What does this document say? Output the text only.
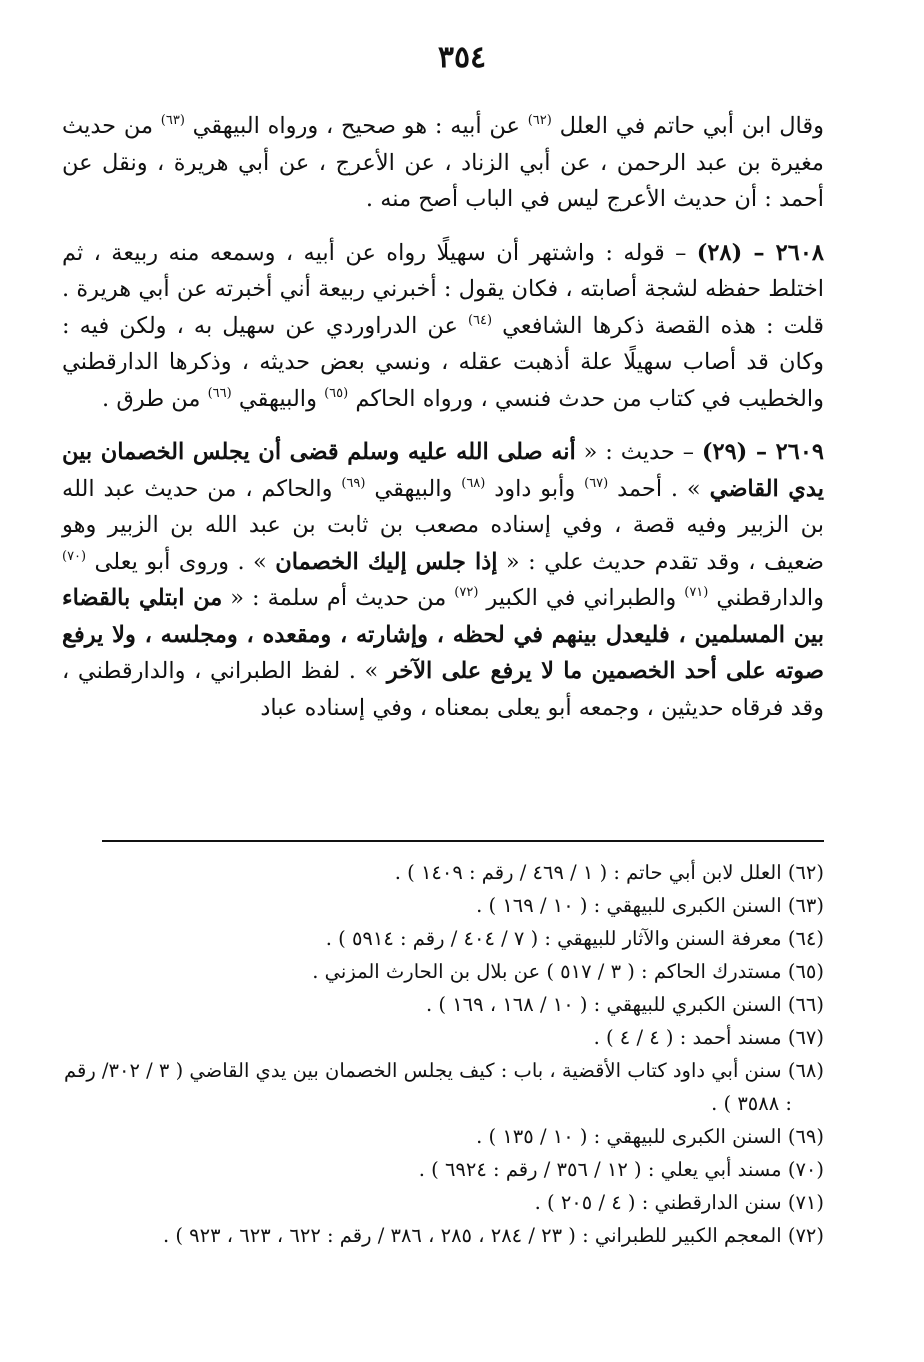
٣٥٤

وقال ابن أبي حاتم في العلل $^{(٦٢)}$ عن أبيه : هو صحيح ، ورواه البيهقي $^{(٦٣)}$ من حديث مغيرة بن عبد الرحمن ، عن أبي الزناد ، عن الأعرج ، عن أبي هريرة ، ونقل عن أحمد : أن حديث الأعرج ليس في الباب أصح منه .

٢٦٠٨ – (٢٨) – قوله : واشتهر أن سهيلًا رواه عن أبيه ، وسمعه منه ربيعة ، ثم اختلط حفظه لشجة أصابته ، فكان يقول : أخبرني ربيعة أني أخبرته عن أبي هريرة . قلت : هذه القصة ذكرها الشافعي $^{(٦٤)}$ عن الدراوردي عن سهيل به ، ولكن فيه : وكان قد أصاب سهيلًا علة أذهبت عقله ، ونسي بعض حديثه ، وذكرها الدارقطني والخطيب في كتاب من حدث فنسي ، ورواه الحاكم $^{(٦٥)}$ والبيهقي $^{(٦٦)}$ من طرق .

٢٦٠٩ – (٢٩) – حديث : « أنه صلى الله عليه وسلم قضى أن يجلس الخصمان بين يدي القاضي » . أحمد $^{(٦٧)}$ وأبو داود $^{(٦٨)}$ والبيهقي $^{(٦٩)}$ والحاكم ، من حديث عبد الله بن الزبير وفيه قصة ، وفي إسناده مصعب بن ثابت بن عبد الله بن الزبير وهو ضعيف ، وقد تقدم حديث علي : « إذا جلس إليك الخصمان » . وروى أبو يعلى $^{(٧٠)}$ والدارقطني $^{(٧١)}$ والطبراني في الكبير $^{(٧٢)}$ من حديث أم سلمة : « من ابتلي بالقضاء بين المسلمين ، فليعدل بينهم في لحظه ، وإشارته ، ومقعده ، ومجلسه ، ولا يرفع صوته على أحد الخصمين ما لا يرفع على الآخر » . لفظ الطبراني ، والدارقطني ، وقد فرقاه حديثين ، وجمعه أبو يعلى بمعناه ، وفي إسناده عباد

(٦٢) العلل لابن أبي حاتم : ( ١ / ٤٦٩ / رقم : ١٤٠٩ ) .
(٦٣) السنن الكبرى للبيهقي : ( ١٠ / ١٦٩ ) .
(٦٤) معرفة السنن والآثار للبيهقي : ( ٧ / ٤٠٤ / رقم : ٥٩١٤ ) .
(٦٥) مستدرك الحاكم : ( ٣ / ٥١٧ ) عن بلال بن الحارث المزني .
(٦٦) السنن الكبري للبيهقي : ( ١٠ / ١٦٨ ، ١٦٩ ) .
(٦٧) مسند أحمد : ( ٤ / ٤ ) .
(٦٨) سنن أبي داود كتاب الأقضية ، باب : كيف يجلس الخصمان بين يدي القاضي ( ٣ / ٣٠٢/ رقم : ٣٥٨٨ ) .
(٦٩) السنن الكبرى للبيهقي : ( ١٠ / ١٣٥ ) .
(٧٠) مسند أبي يعلي : ( ١٢ / ٣٥٦ / رقم : ٦٩٢٤ ) .
(٧١) سنن الدارقطني : ( ٤ / ٢٠٥ ) .
(٧٢) المعجم الكبير للطبراني : ( ٢٣ / ٢٨٤ ، ٢٨٥ ، ٣٨٦ / رقم : ٦٢٢ ، ٦٢٣ ، ٩٢٣ ) .
